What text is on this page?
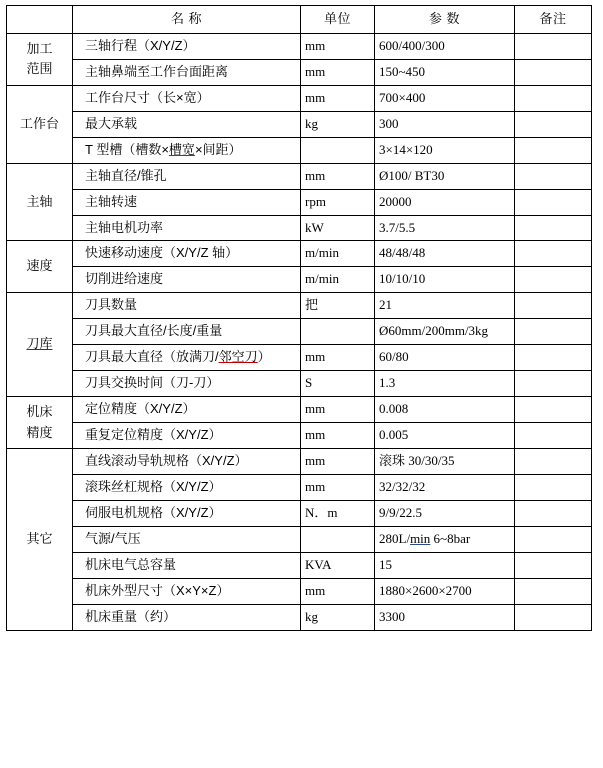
	名 称	单位	参 数	备注

加工
范围	三轴行程（X/Y/Z）	mm	600/400/300	

	主轴鼻端至工作台面距离	mm	150~450	

工作台	工作台尺寸（长×宽）	mm	700×400	

	最大承载	kg	300	

	T 型槽（槽数×槽宽×间距）		3×14×120	

主轴	主轴直径/锥孔	mm	Ø100/ BT30	

	主轴转速	rpm	20000	

	主轴电机功率	kW	3.7/5.5	

速度	快速移动速度（X/Y/Z 轴）	m/min	48/48/48	

	切削进给速度	m/min	10/10/10	

刀库	刀具数量	把	21	

	刀具最大直径/长度/重量		Ø60mm/200mm/3kg	

	刀具最大直径（放满刀/邻空刀）	mm	60/80	

	刀具交换时间（刀-刀）	S	1.3	

机床
精度	定位精度（X/Y/Z）	mm	0.008	

	重复定位精度（X/Y/Z）	mm	0.005	

其它	直线滚动导轨规格（X/Y/Z）	mm	滚珠 30/30/35	

	滚珠丝杠规格（X/Y/Z）	mm	32/32/32	

	伺服电机规格（X/Y/Z）	N．m	9/9/22.5	

	气源/气压		280L/min 6~8bar	

	机床电气总容量	KVA	15	

	机床外型尺寸（X×Y×Z）	mm	1880×2600×2700	

	机床重量（约）	kg	3300	
